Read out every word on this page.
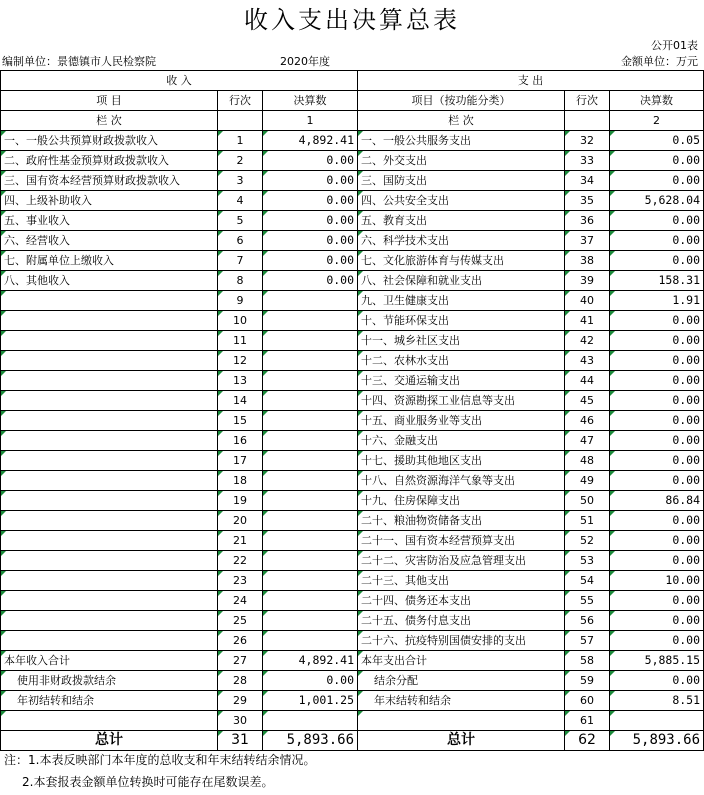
收入支出决算总表
公开01表
编制单位：景德镇市人民检察院	2020年度	金额单位：万元
收 入			支 出		
项 目	行次	决算数	项目（按功能分类）	行次	决算数
栏 次		1	栏 次		2
一、一般公共预算财政拨款收入	1	4,892.41	一、一般公共服务支出	32	0.05
二、政府性基金预算财政拨款收入	2	0.00	二、外交支出	33	0.00
三、国有资本经营预算财政拨款收入	3	0.00	三、国防支出	34	0.00
四、上级补助收入	4	0.00	四、公共安全支出	35	5,628.04
五、事业收入	5	0.00	五、教育支出	36	0.00
六、经营收入	6	0.00	六、科学技术支出	37	0.00
七、附属单位上缴收入	7	0.00	七、文化旅游体育与传媒支出	38	0.00
八、其他收入	8	0.00	八、社会保障和就业支出	39	158.31
	9		九、卫生健康支出	40	1.91
	10		十、节能环保支出	41	0.00
	11		十一、城乡社区支出	42	0.00
	12		十二、农林水支出	43	0.00
	13		十三、交通运输支出	44	0.00
	14		十四、资源勘探工业信息等支出	45	0.00
	15		十五、商业服务业等支出	46	0.00
	16		十六、金融支出	47	0.00
	17		十七、援助其他地区支出	48	0.00
	18		十八、自然资源海洋气象等支出	49	0.00
	19		十九、住房保障支出	50	86.84
	20		二十、粮油物资储备支出	51	0.00
	21		二十一、国有资本经营预算支出	52	0.00
	22		二十二、灾害防治及应急管理支出	53	0.00
	23		二十三、其他支出	54	10.00
	24		二十四、债务还本支出	55	0.00
	25		二十五、债务付息支出	56	0.00
	26		二十六、抗疫特别国债安排的支出	57	0.00
本年收入合计	27	4,892.41	本年支出合计	58	5,885.15
使用非财政拨款结余	28	0.00	结余分配	59	0.00
年初结转和结余	29	1,001.25	年末结转和结余	60	8.51
	30			61	
总计	31	5,893.66	总计	62	5,893.66
注：1.本表反映部门本年度的总收支和年末结转结余情况。
2.本套报表金额单位转换时可能存在尾数误差。
